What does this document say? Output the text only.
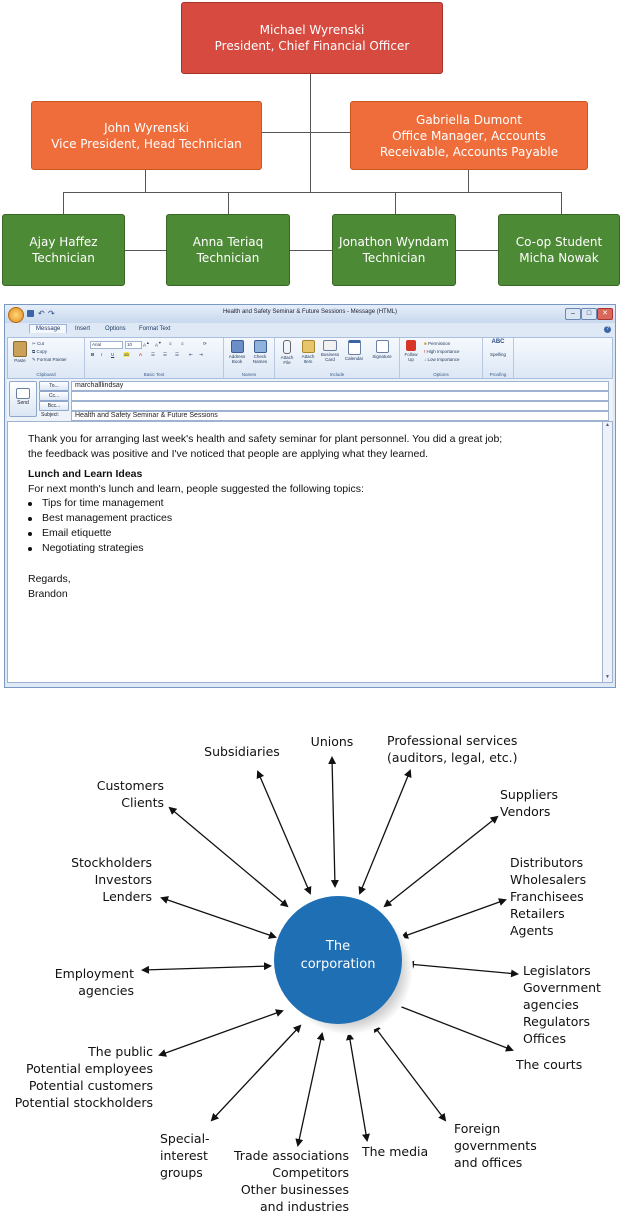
Michael Wyrenski
President, Chief Financial Officer
John Wyrenski
Vice President, Head Technician
Gabriella Dumont
Office Manager, Accounts
Receivable, Accounts Payable
Ajay Haffez
Technician
Anna Teriaq
Technician
Jonathon Wyndam
Technician
Co-op Student
Micha Nowak
↶ ↷	Health and Safety Seminar & Future Sessions - Message (HTML)	–	□	✕
Message	Insert Options Format Text	?
Paste
✂ Cut
⧉ Copy
✎ Format Painter
Clipboard
Arial	10	A▲ A▼ ≡ ≡	⟳
B I U ab A ☰ ☰ ☰ ⇤ ⇥
Basic Text
Address Book
Check Names
Names
Attach File
Attach Item
Business Card	Calendar	Signature
Include
Follow Up
■ Permission
! High Importance
↓ Low Importance
Options
ABC
Spelling
Proofing
Send
To...
Cc...
Bcc...
marchalllindsay
Subject:	Health and Safety Seminar & Future Sessions
Thank you for arranging last week's health and safety seminar for plant personnel. You did a great job;
the feedback was positive and I've noticed that people are applying what they learned.
Lunch and Learn Ideas
For next month's lunch and learn, people suggested the following topics:
Tips for time management
Best management practices
Email etiquette
Negotiating strategies
Regards,
Brandon
▲
▼
The
corporation
Subsidiaries
Unions	Professional services
(auditors, legal, etc.)
Customers
Clients
Suppliers
Vendors
Stockholders
Investors
Lenders
Distributors
Wholesalers
Franchisees
Retailers
Agents
Employment
agencies
Legislators
Government
agencies
Regulators
Offices
The public
Potential employees
Potential customers
Potential stockholders
The courts
Special-
interest
groups
Trade associations
Competitors
Other businesses
and industries
The media
Foreign
governments
and offices
